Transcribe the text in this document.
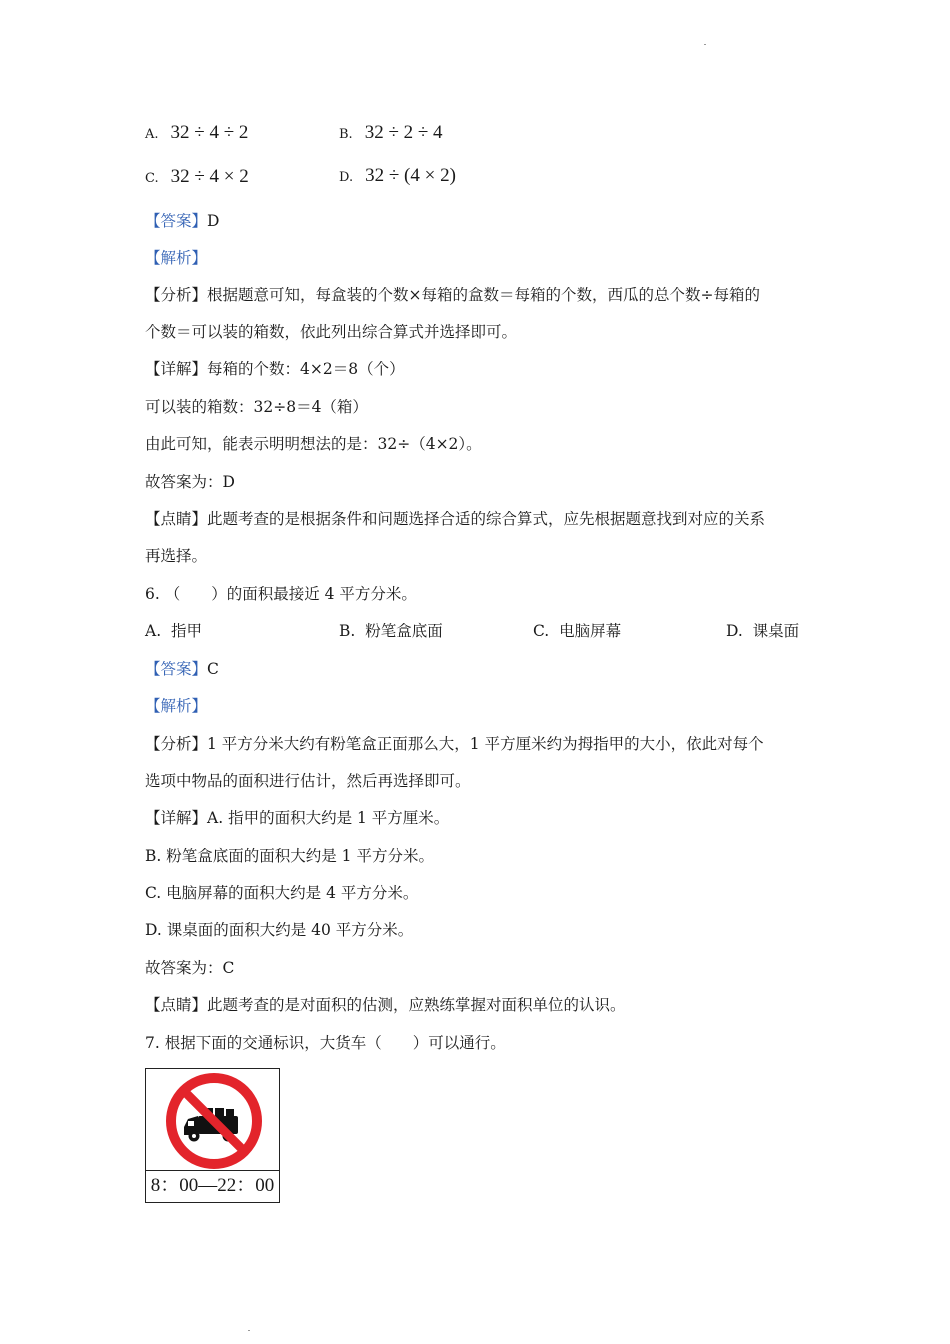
A. 32 ÷ 4 ÷ 2	B. 32 ÷ 2 ÷ 4
C. 32 ÷ 4 × 2	D. 32 ÷ (4 × 2)
【答案】D
【解析】
【分析】根据题意可知，每盒装的个数×每箱的盒数＝每箱的个数，西瓜的总个数÷每箱的
个数＝可以装的箱数，依此列出综合算式并选择即可。
【详解】每箱的个数：4×2＝8（个）
可以装的箱数：32÷8＝4（箱）
由此可知，能表示明明想法的是：32÷（4×2）。
故答案为：D
【点睛】此题考查的是根据条件和问题选择合适的综合算式，应先根据题意找到对应的关系
再选择。
6. （　　）的面积最接近 4 平方分米。
A. 指甲	B. 粉笔盒底面	C. 电脑屏幕	D. 课桌面
【答案】C
【解析】
【分析】1 平方分米大约有粉笔盒正面那么大，1 平方厘米约为拇指甲的大小，依此对每个
选项中物品的面积进行估计，然后再选择即可。
【详解】A. 指甲的面积大约是 1 平方厘米。
B. 粉笔盒底面的面积大约是 1 平方分米。
C. 电脑屏幕的面积大约是 4 平方分米。
D. 课桌面的面积大约是 40 平方分米。
故答案为：C
【点睛】此题考查的是对面积的估测，应熟练掌握对面积单位的认识。
7. 根据下面的交通标识，大货车（　　）可以通行。
8：00—22：00
